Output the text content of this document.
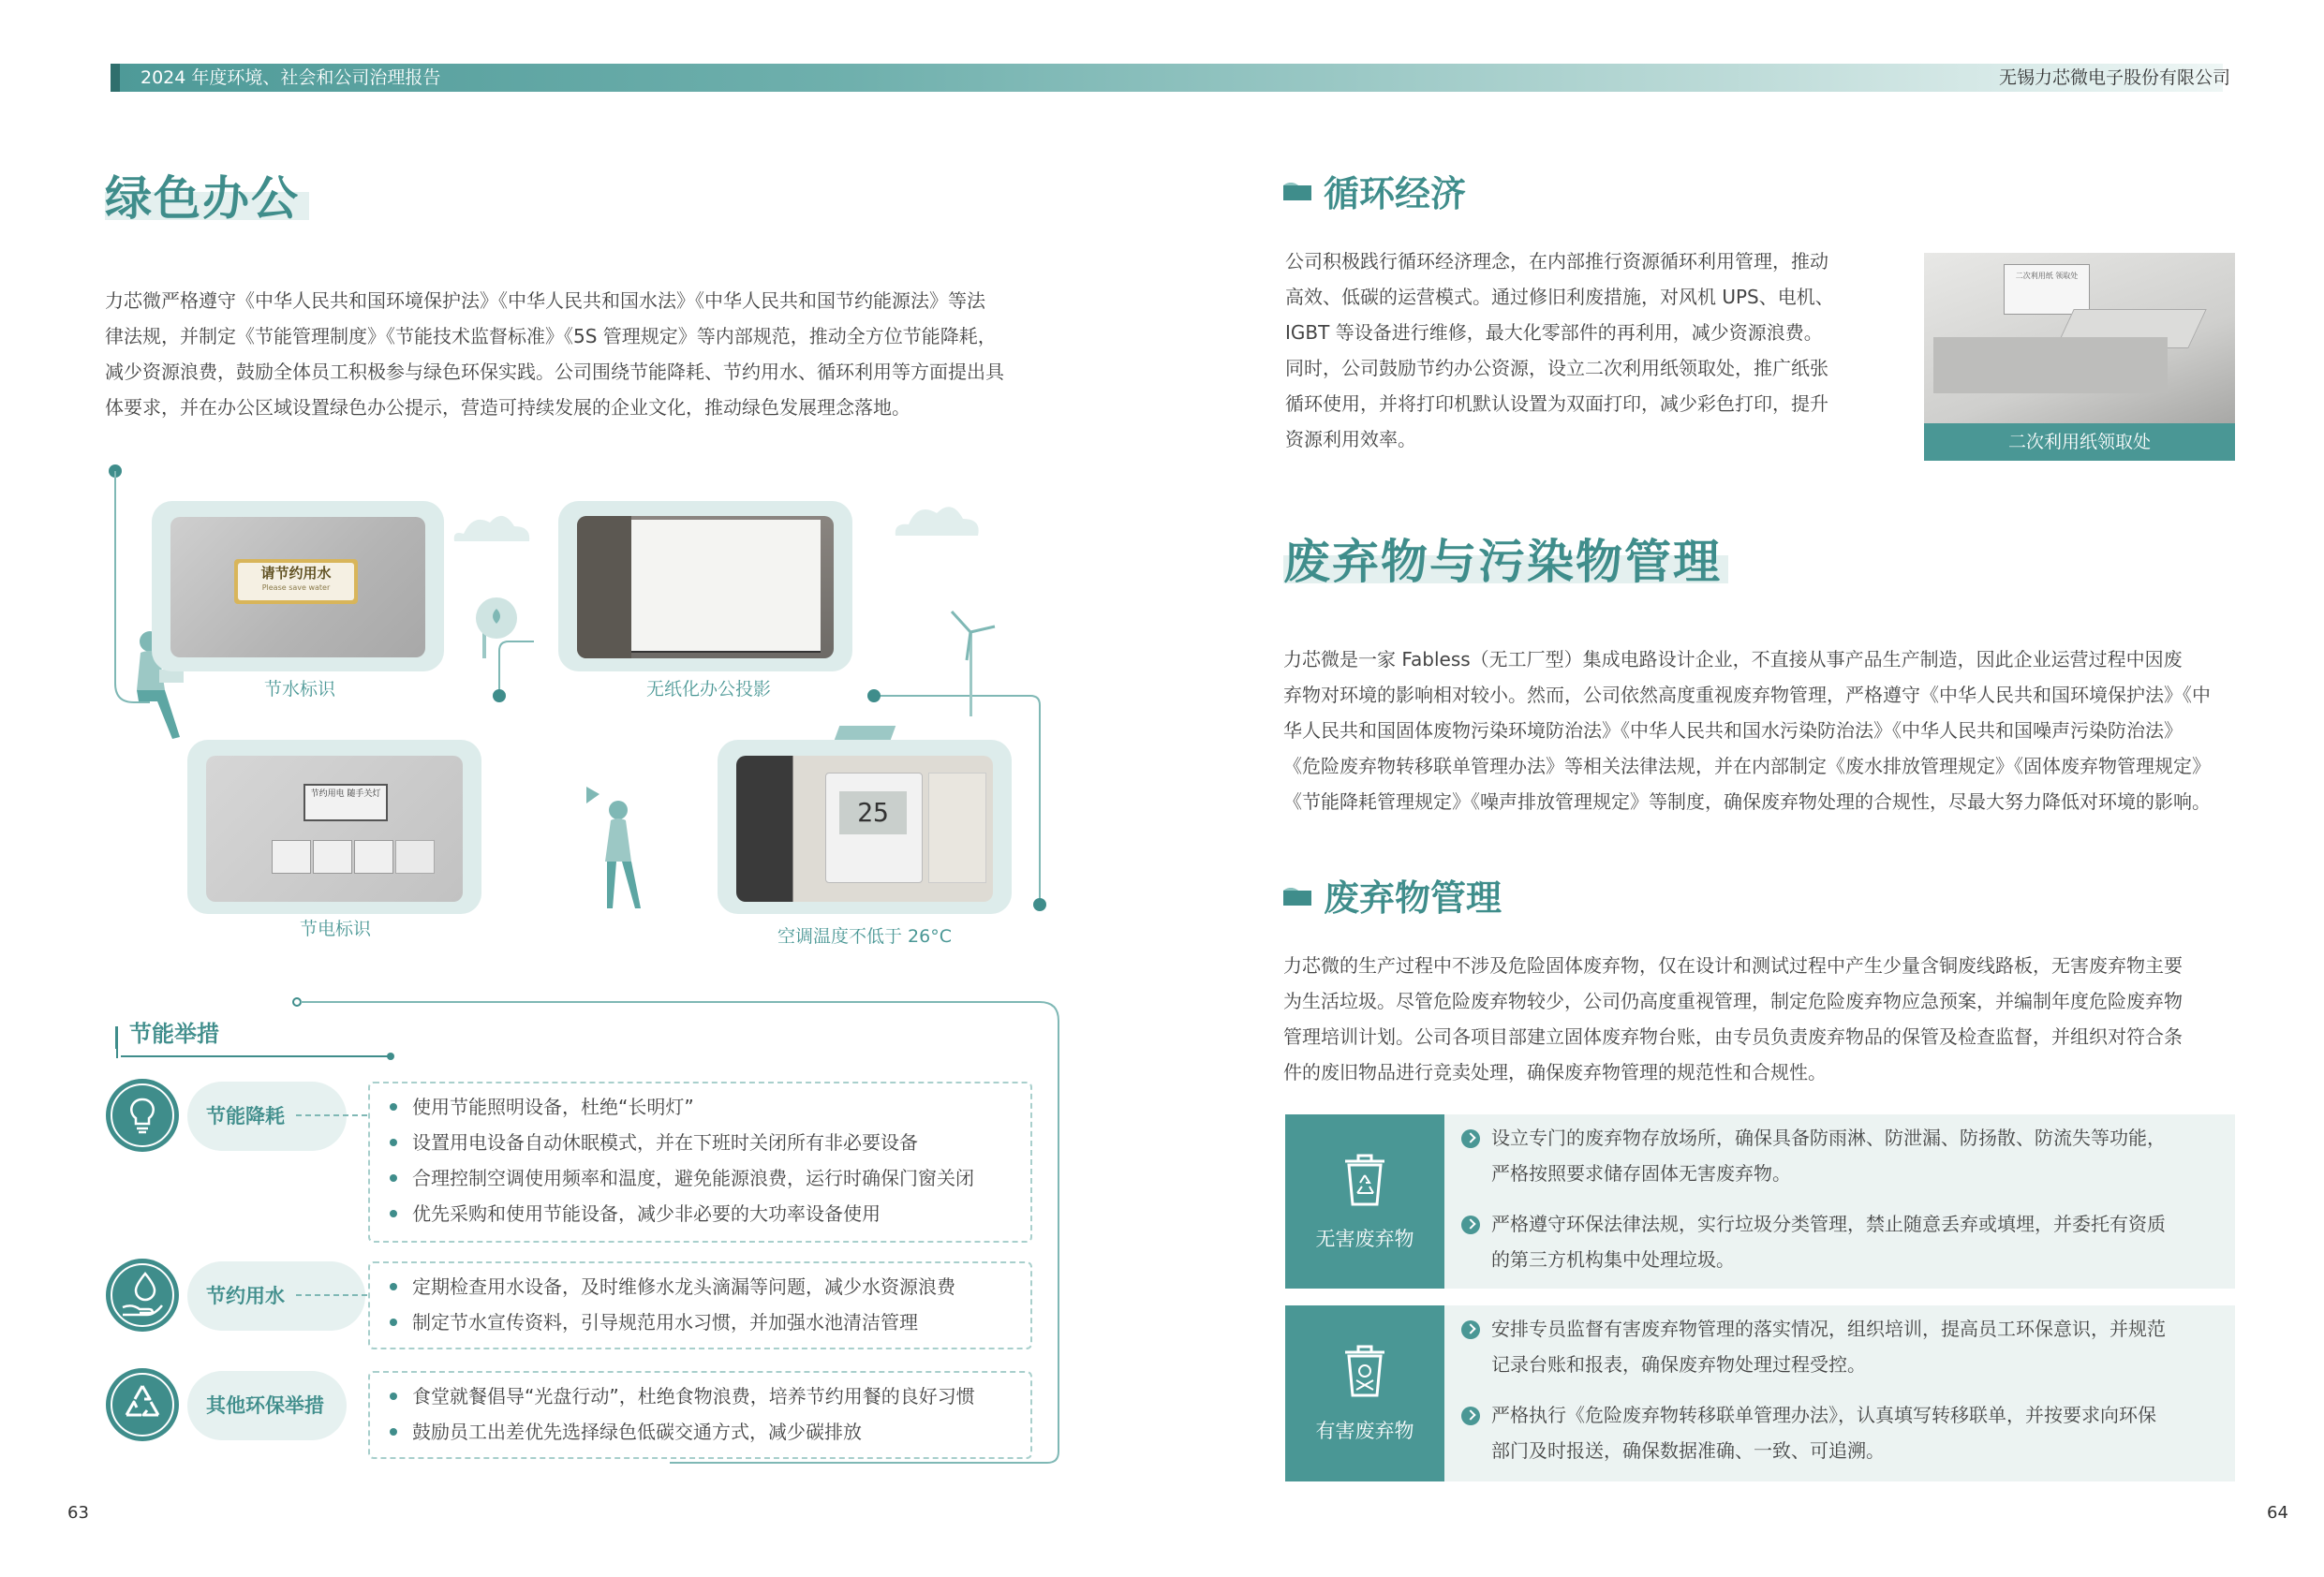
2024 年度环境、社会和公司治理报告	无锡力芯微电子股份有限公司
绿色办公
力芯微严格遵守《中华人民共和国环境保护法》《中华人民共和国水法》《中华人民共和国节约能源法》等法
律法规，并制定《节能管理制度》《节能技术监督标准》《5S 管理规定》等内部规范，推动全方位节能降耗，
减少资源浪费，鼓励全体员工积极参与绿色环保实践。公司围绕节能降耗、节约用水、循环利用等方面提出具
体要求，并在办公区域设置绿色办公提示，营造可持续发展的企业文化，推动绿色发展理念落地。
请节约用水
Please save water
节水标识	无纸化办公投影
节约用电 随手关灯
节电标识
25
空调温度不低于 26°C
节能举措
节能降耗	使用节能照明设备，杜绝“长明灯”
设置用电设备自动休眠模式，并在下班时关闭所有非必要设备
合理控制空调使用频率和温度，避免能源浪费，运行时确保门窗关闭
优先采购和使用节能设备，减少非必要的大功率设备使用
节约用水	定期检查用水设备，及时维修水龙头滴漏等问题，减少水资源浪费
制定节水宣传资料，引导规范用水习惯，并加强水池清洁管理
其他环保举措	食堂就餐倡导“光盘行动”，杜绝食物浪费，培养节约用餐的良好习惯
鼓励员工出差优先选择绿色低碳交通方式，减少碳排放
63
循环经济
公司积极践行循环经济理念，在内部推行资源循环利用管理，推动
高效、低碳的运营模式。通过修旧利废措施，对风机 UPS、电机、
IGBT 等设备进行维修，最大化零部件的再利用，减少资源浪费。
同时，公司鼓励节约办公资源，设立二次利用纸领取处，推广纸张
循环使用，并将打印机默认设置为双面打印，减少彩色打印，提升
资源利用效率。
二次利用纸 领取处
二次利用纸领取处
废弃物与污染物管理
力芯微是一家 Fabless（无工厂型）集成电路设计企业，不直接从事产品生产制造，因此企业运营过程中因废
弃物对环境的影响相对较小。然而，公司依然高度重视废弃物管理，严格遵守《中华人民共和国环境保护法》《中
华人民共和国固体废物污染环境防治法》《中华人民共和国水污染防治法》《中华人民共和国噪声污染防治法》
《危险废弃物转移联单管理办法》等相关法律法规，并在内部制定《废水排放管理规定》《固体废弃物管理规定》
《节能降耗管理规定》《噪声排放管理规定》等制度，确保废弃物处理的合规性，尽最大努力降低对环境的影响。
废弃物管理
力芯微的生产过程中不涉及危险固体废弃物，仅在设计和测试过程中产生少量含铜废线路板，无害废弃物主要
为生活垃圾。尽管危险废弃物较少，公司仍高度重视管理，制定危险废弃物应急预案，并编制年度危险废弃物
管理培训计划。公司各项目部建立固体废弃物台账，由专员负责废弃物品的保管及检查监督，并组织对符合条
件的废旧物品进行竞卖处理，确保废弃物管理的规范性和合规性。
无害废弃物
设立专门的废弃物存放场所，确保具备防雨淋、防泄漏、防扬散、防流失等功能，
严格按照要求储存固体无害废弃物。
严格遵守环保法律法规，实行垃圾分类管理，禁止随意丢弃或填埋，并委托有资质
的第三方机构集中处理垃圾。
有害废弃物
安排专员监督有害废弃物管理的落实情况，组织培训，提高员工环保意识，并规范
记录台账和报表，确保废弃物处理过程受控。
严格执行《危险废弃物转移联单管理办法》，认真填写转移联单，并按要求向环保
部门及时报送，确保数据准确、一致、可追溯。
64
